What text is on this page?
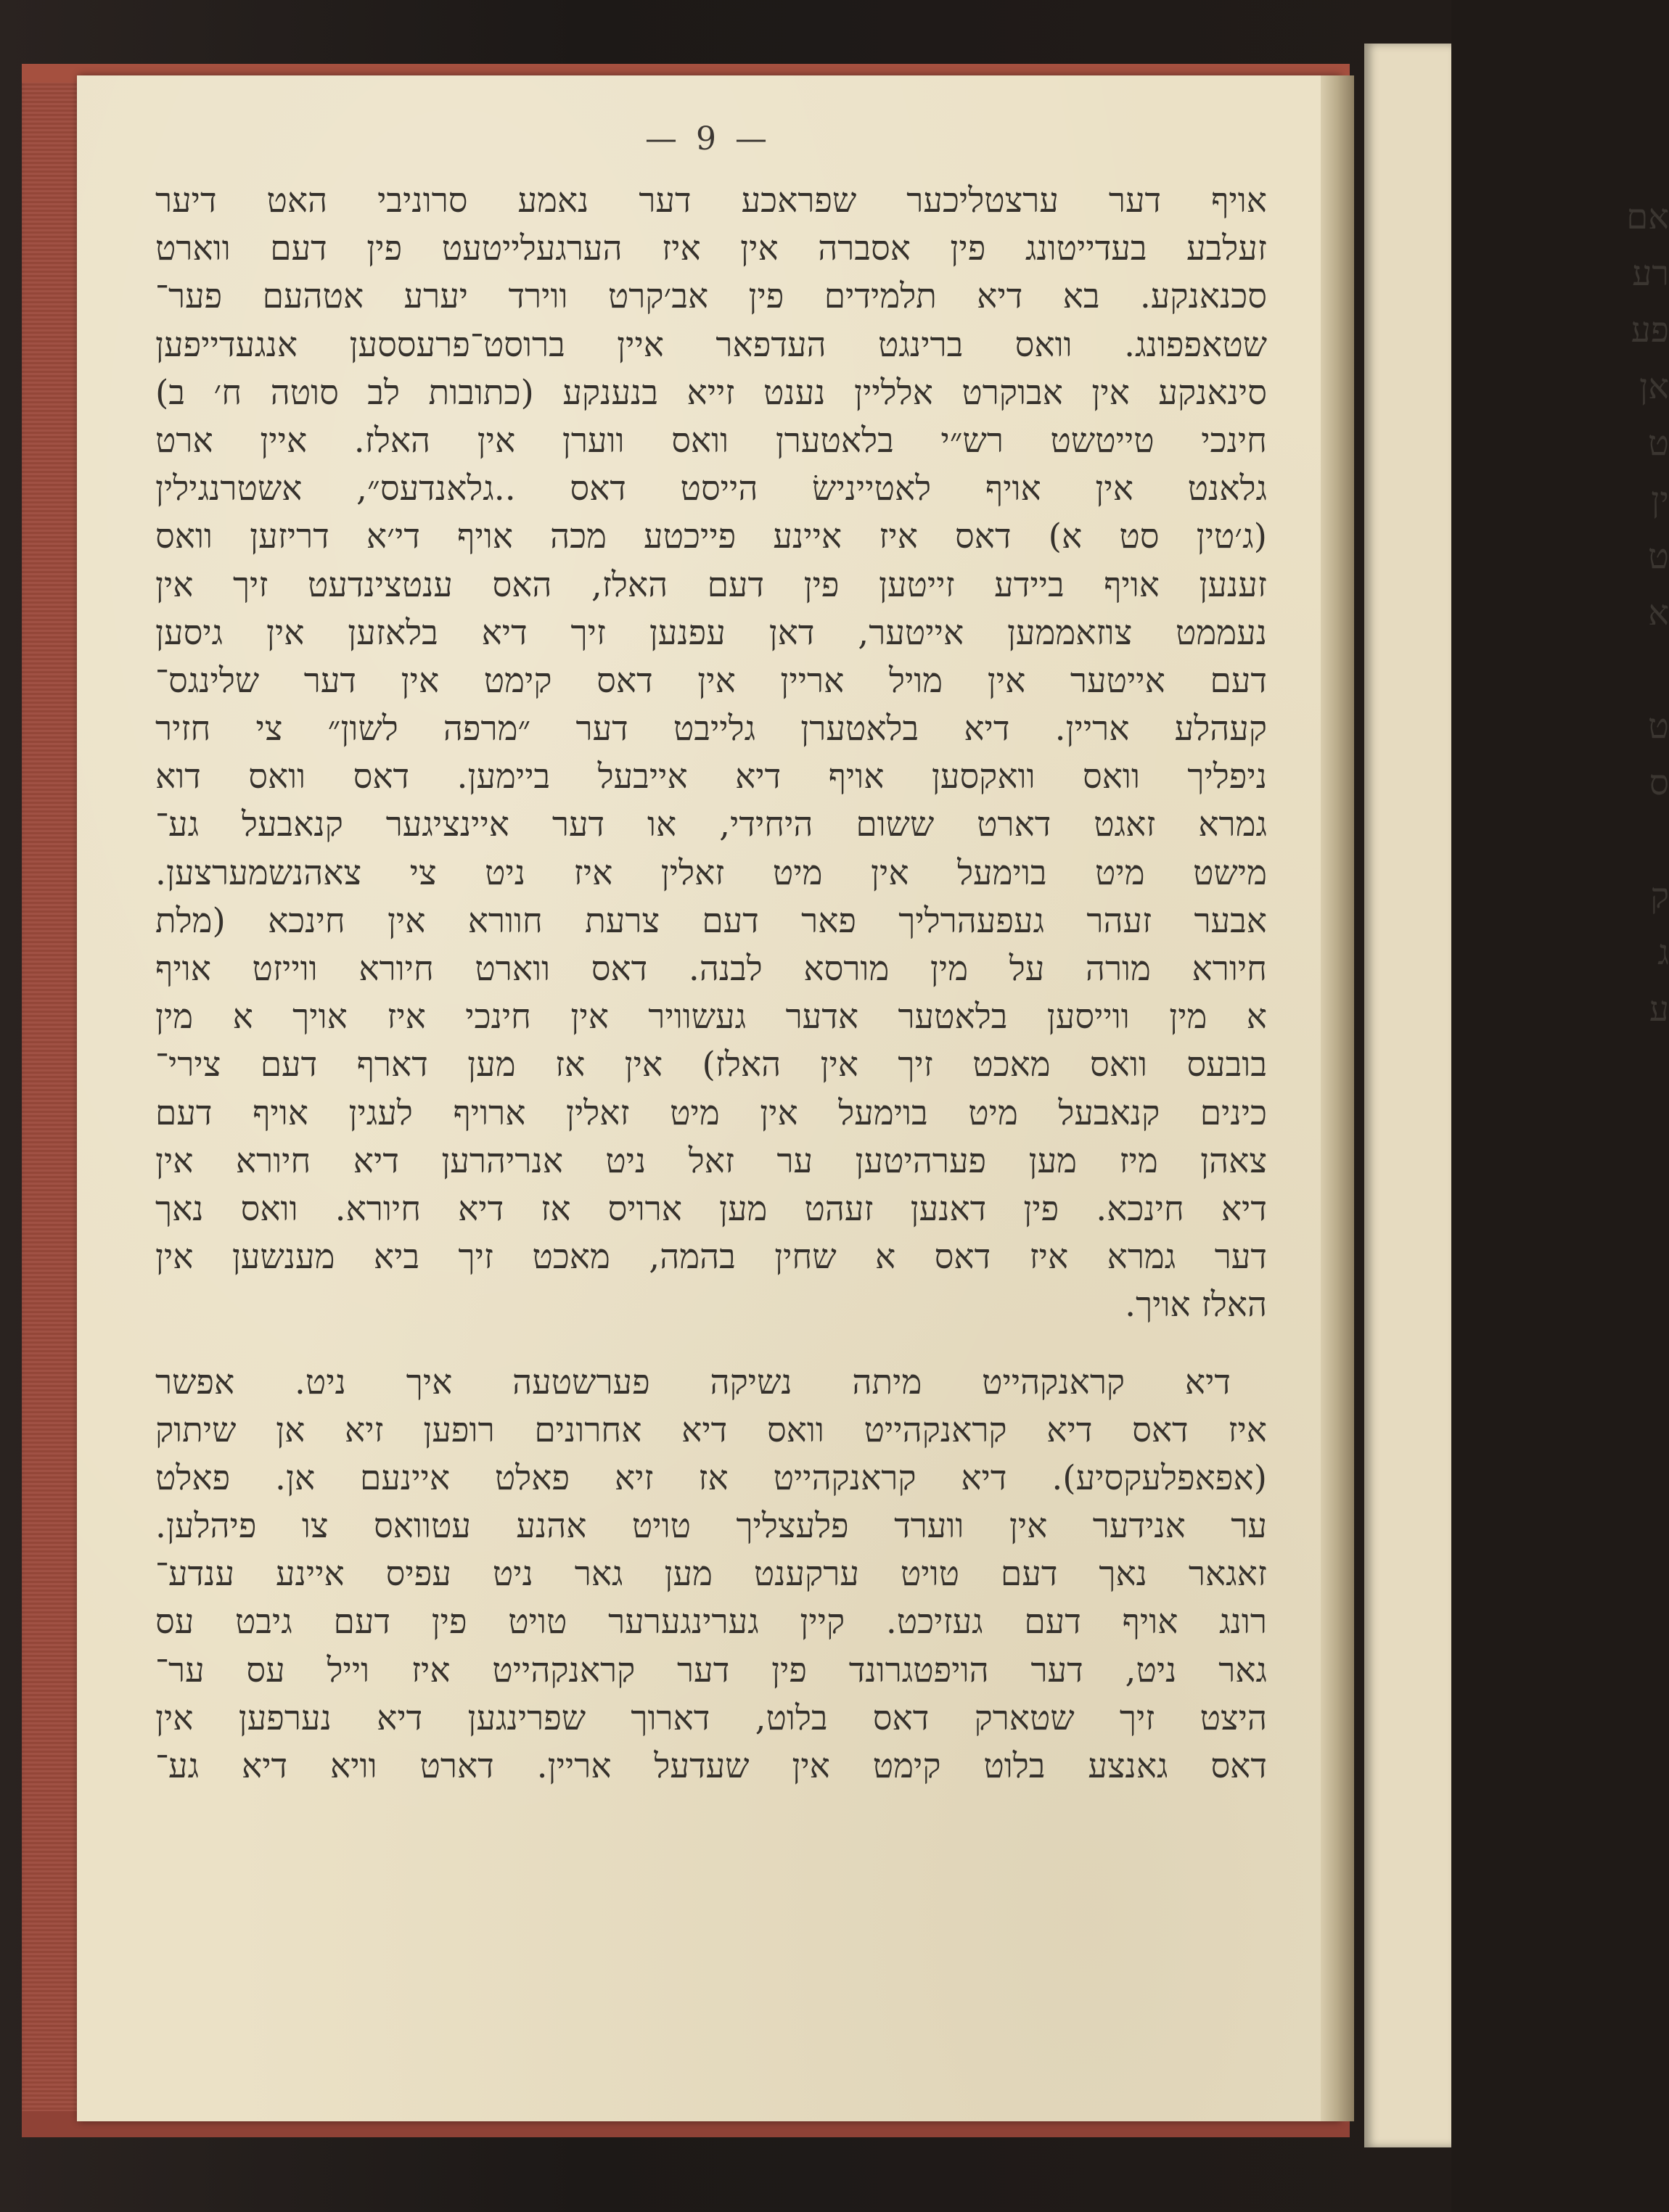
— 9 —
אויף דער ערצטליכער שפראכע דער נאמע סרוניבי האט דיער
זעלבע בעדייטונג פין אסברה אין איז הערגעלייטעט פין דעם ווארט
סכנאנקע. בא דיא תלמידים פין אב׳קרט ווירד יערע אטהעם פער־
שטאפפונג. וואס ברינגט העדפאר איין ברוסט־פרעססען אנגעדייפען
סינאנקע אין אבוקרט אלליין נענט זייא בנענקע (כתובות לב סוטה ח׳ ב)
חינכי טייטשט רש״י בלאטערן וואס ווערן אין האלז. איין ארט
גלאנט אין אויף לאטיינישׂ הייסט דאס ..גלאנדעס״, אשטרנגילין
(ג׳טין סט א) דאס איז איינע פייכטע מכה אויף די׳א דריזען וואס
זענען אויף ביידע זייטען פין דעם האלז, האס ענטצינדעט זיך אין
נעממט צוזאממען אייטער, דאן עפנען זיך דיא בלאזען אין גיסען
דעם אייטער אין מויל אריין אין דאס קימט אין דער שלינגס־
קעהלע אריין. דיא בלאטערן גלייבט דער ״מרפה לשון״ צי חזיר
ניפליך וואס וואקסען אויף דיא אייבעל ביימען. דאס וואס דוא
גמרא זאגט דארט ששום היחידי, או דער איינציגער קנאבעל גע־
מישט מיט בוימעל אין מיט זאלין איז ניט צי צאהנשמערצען.
אבער זעהר געפעהרליך פאר דעם צרעת חוורא אין חינכא (מלת
חיורא מורה על מין מורסא לבנה. דאס ווארט חיורא ווייזט אויף
א מין ווייסען בלאטער אדער געשוויר אין חינכי איז אויך א מין
בובעס וואס מאכט זיך אין האלז) אין אז מען דארף דעם צירי־
כינים קנאבעל מיט בוימעל אין מיט זאלין ארויף לעגין אויף דעם
צאהן מיז מען פערהיטען ער זאל ניט אנריהרען דיא חיורא אין
דיא חינכא. פין דאנען זעהט מען ארויס אז דיא חיורא. וואס נאך
דער גמרא איז דאס א שחין בהמה, מאכט זיך ביא מענשען אין
האלז אויך.
דיא קראנקהייט מיתה נשיקה פערשטעה איך ניט. אפשר
איז דאס דיא קראנקהייט וואס דיא אחרונים רופען זיא אן שיתוק
(אפאפלעקסיע). דיא קראנקהייט אז זיא פאלט איינעם אן. פאלט
ער אנידער אין ווערד פלעצליך טויט אהנע עטוואס צו פיהלען.
זאגאר נאך דעם טויט ערקענט מען גאר ניט עפיס איינע ענדע־
רונג אויף דעם געזיכט. קיין גערינגערער טויט פין דעם גיבט עס
גאר ניט, דער הויפטגרונד פין דער קראנקהייט איז וייל עס ער־
היצט זיך שטארק דאס בלוט, דארוך שפרינגען דיא נערפען אין
דאס גאנצע בלוט קימט אין שעדעל אריין. דארט וויא דיא גע־
אם
רע
פע
אן
ט
ין
ט
א
ט
ס
ק
ג
ע
